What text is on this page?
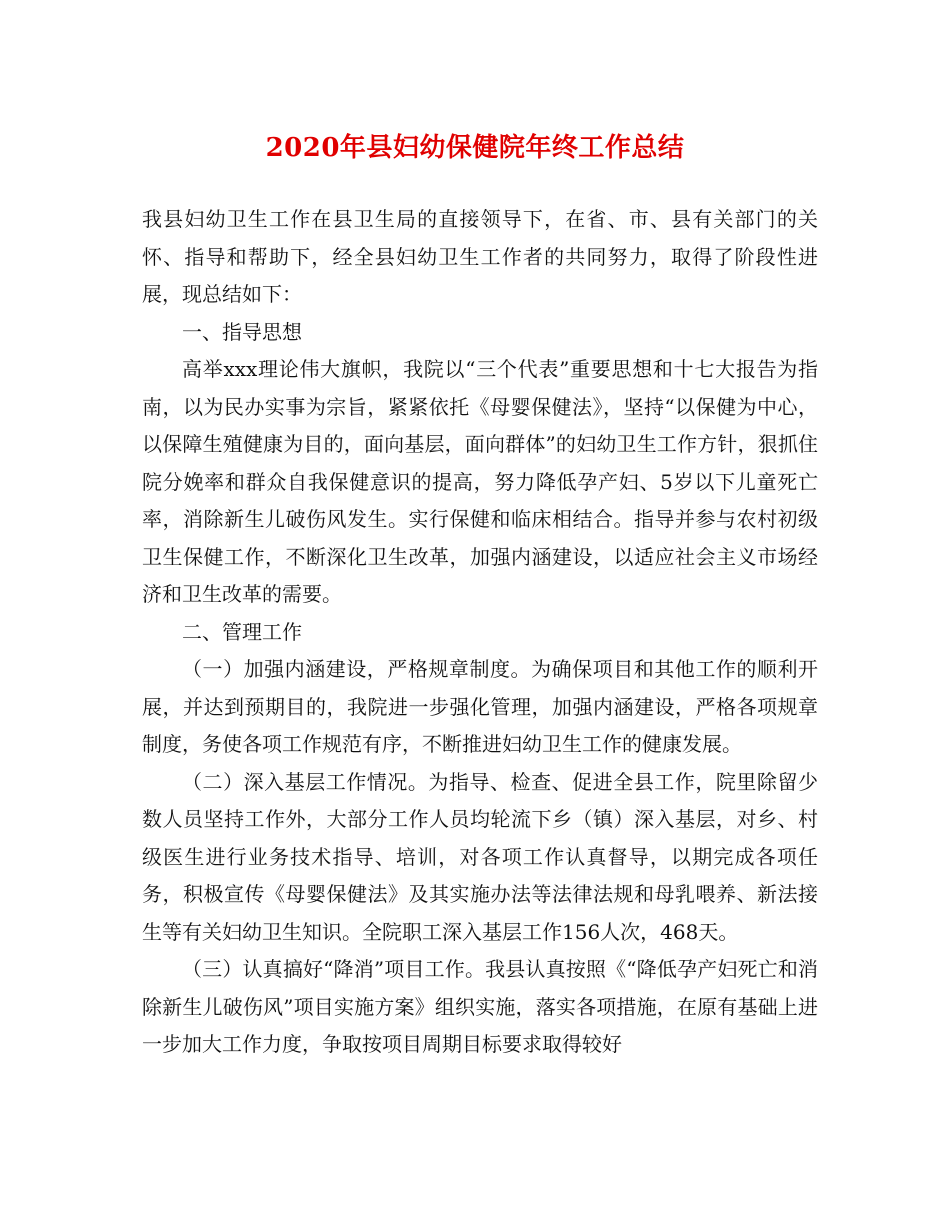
2020年县妇幼保健院年终工作总结

我县妇幼卫生工作在县卫生局的直接领导下，在省、市、县有关部门的关怀、指导和帮助下，经全县妇幼卫生工作者的共同努力，取得了阶段性进展，现总结如下：

一、指导思想

高举xxx理论伟大旗帜，我院以“三个代表”重要思想和十七大报告为指南，以为民办实事为宗旨，紧紧依托《母婴保健法》，坚持“以保健为中心，以保障生殖健康为目的，面向基层，面向群体”的妇幼卫生工作方针，狠抓住院分娩率和群众自我保健意识的提高，努力降低孕产妇、5岁以下儿童死亡率，消除新生儿破伤风发生。实行保健和临床相结合。指导并参与农村初级卫生保健工作，不断深化卫生改革，加强内涵建设，以适应社会主义市场经济和卫生改革的需要。

二、管理工作

（一）加强内涵建设，严格规章制度。为确保项目和其他工作的顺利开展，并达到预期目的，我院进一步强化管理，加强内涵建设，严格各项规章制度，务使各项工作规范有序，不断推进妇幼卫生工作的健康发展。

（二）深入基层工作情况。为指导、检查、促进全县工作，院里除留少数人员坚持工作外，大部分工作人员均轮流下乡（镇）深入基层，对乡、村级医生进行业务技术指导、培训，对各项工作认真督导，以期完成各项任务，积极宣传《母婴保健法》及其实施办法等法律法规和母乳喂养、新法接生等有关妇幼卫生知识。全院职工深入基层工作156人次，468天。

（三）认真搞好“降消”项目工作。我县认真按照《“降低孕产妇死亡和消除新生儿破伤风”项目实施方案》组织实施，落实各项措施，在原有基础上进一步加大工作力度，争取按项目周期目标要求取得较好
